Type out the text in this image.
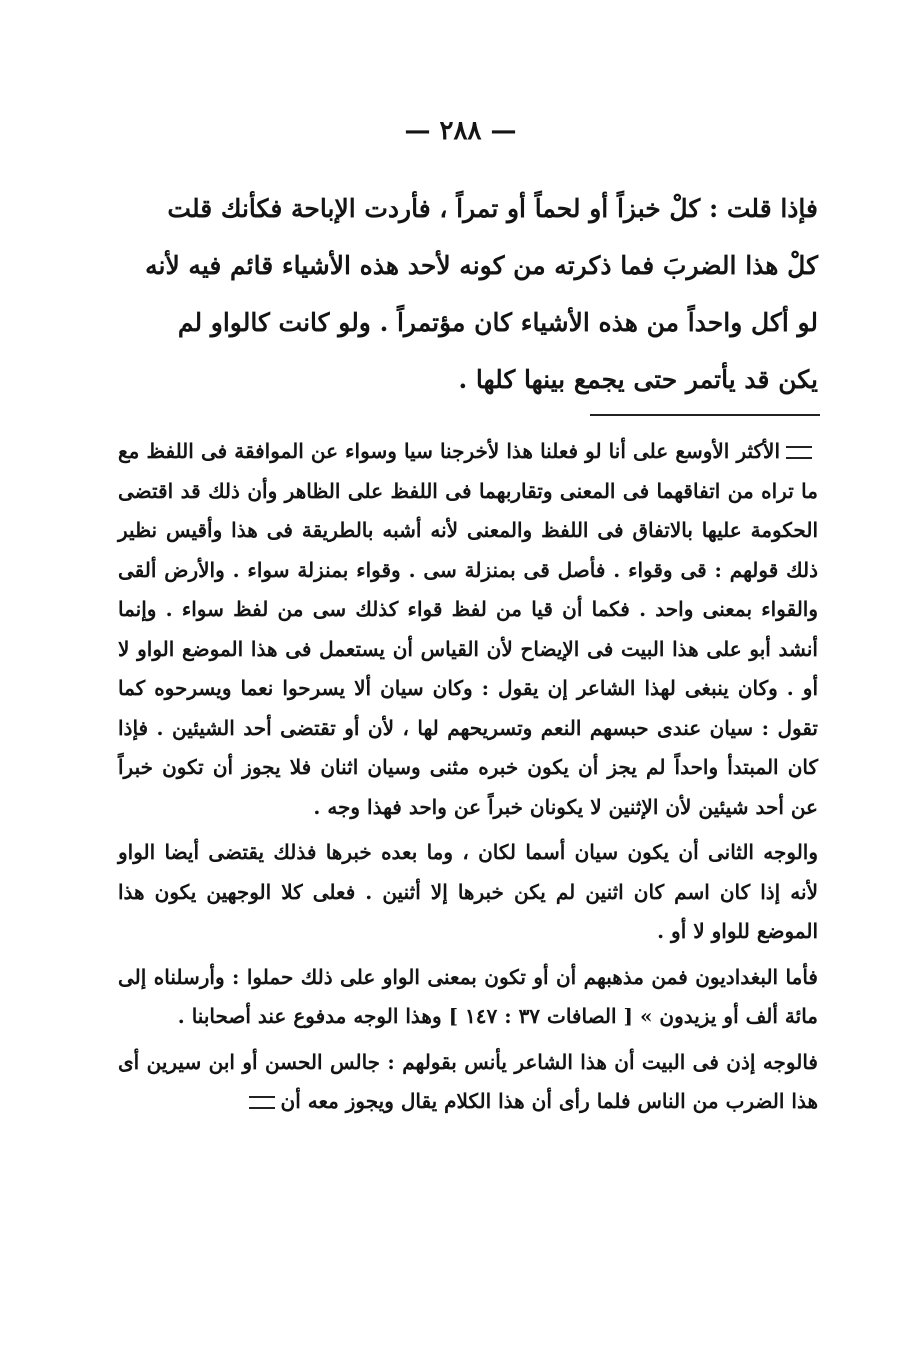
— ٢٨٨ —

فإذا قلت : كلْ خبزاً أو لحماً أو تمراً ، فأردت الإباحة فكأنك قلت

كلْ هذا الضربَ فما ذكرته من كونه لأحد هذه الأشياء قائم فيه لأنه

لو أكل واحداً من هذه الأشياء كان مؤتمراً . ولو كانت كالواو لم

يكن قد يأتمر حتى يجمع بينها كلها .

الأكثر الأوسع على أنا لو فعلنا هذا لأخرجنا سيا وسواء عن الموافقة فى اللفظ مع ما تراه من اتفاقهما فى المعنى وتقاربهما فى اللفظ على الظاهر وأن ذلك قد اقتضى الحكومة عليها بالاتفاق فى اللفظ والمعنى لأنه أشبه بالطريقة فى هذا وأقيس نظير ذلك قولهم : قى وقواء . فأصل قى بمنزلة سى . وقواء بمنزلة سواء . والأرض ألقى والقواء بمعنى واحد . فكما أن قيا من لفظ قواء كذلك سى من لفظ سواء . وإنما أنشد أبو على هذا البيت فى الإيضاح لأن القياس أن يستعمل فى هذا الموضع الواو لا أو . وكان ينبغى لهذا الشاعر إن يقول : وكان سيان ألا يسرحوا نعما ويسرحوه كما تقول : سيان عندى حبسهم النعم وتسريحهم لها ، لأن أو تقتضى أحد الشيئين . فإذا كان المبتدأ واحداً لم يجز أن يكون خبره مثنى وسيان اثنان فلا يجوز أن تكون خبراً عن أحد شيئين لأن الإثنين لا يكونان خبراً عن واحد فهذا وجه .

والوجه الثانى أن يكون سيان أسما لكان ، وما بعده خبرها فذلك يقتضى أيضا الواو لأنه إذا كان اسم كان اثنين لم يكن خبرها إلا أثنين . فعلى كلا الوجهين يكون هذا الموضع للواو لا أو .

فأما البغداديون فمن مذهبهم أن أو تكون بمعنى الواو على ذلك حملوا : وأرسلناه إلى مائة ألف أو يزيدون » [ الصافات ٣٧ : ١٤٧ ] وهذا الوجه مدفوع عند أصحابنا .

فالوجه إذن فى البيت أن هذا الشاعر يأنس بقولهم : جالس الحسن أو ابن سيرين أى هذا الضرب من الناس فلما رأى أن هذا الكلام يقال ويجوز معه أن
